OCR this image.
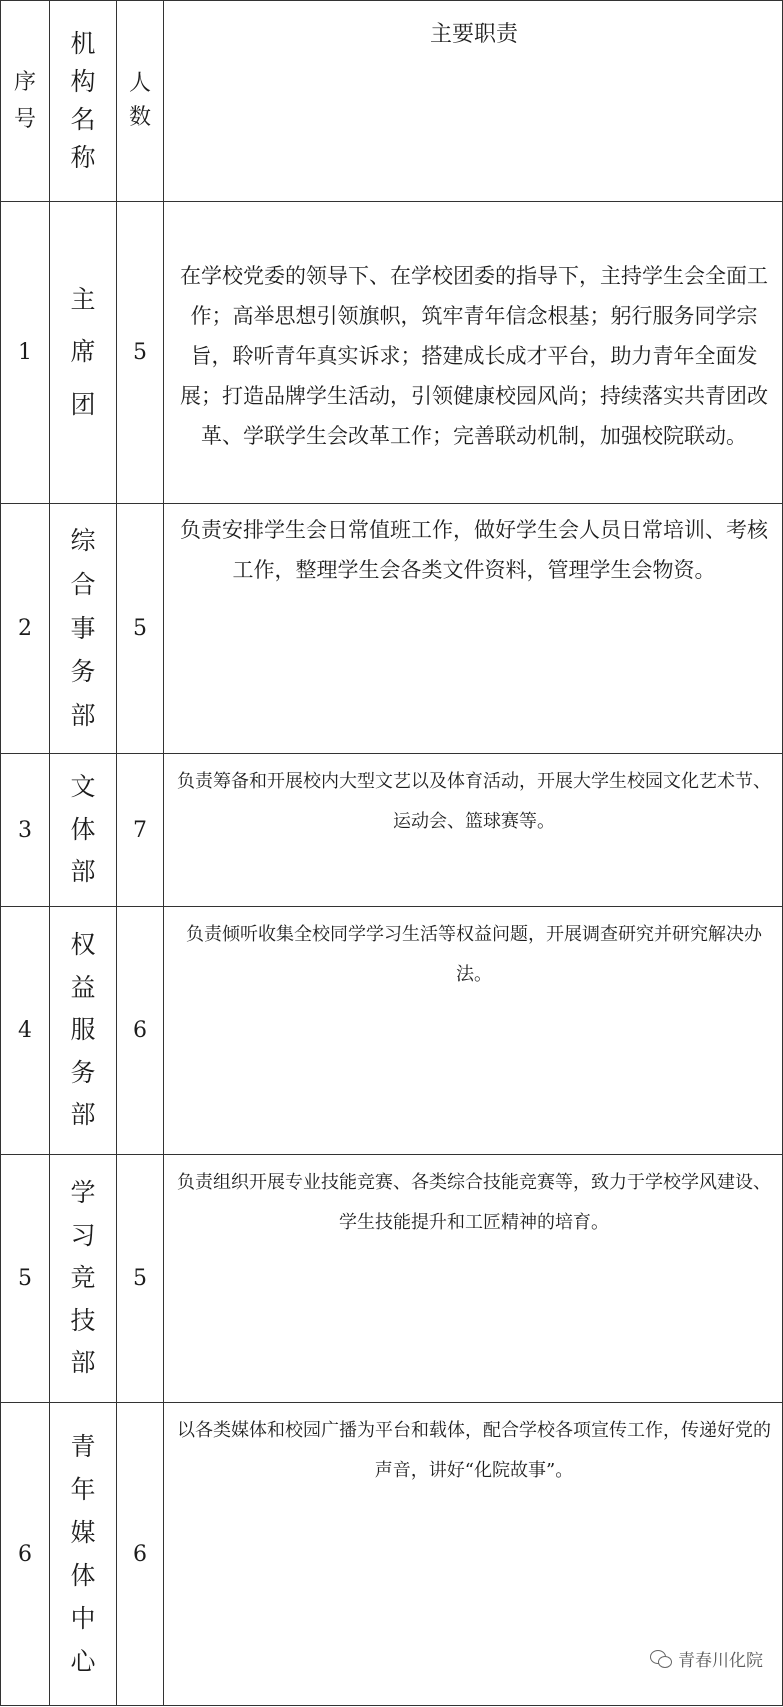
序号	机构名称	人数	主要职责
1	主席团	5	在学校党委的领导下、在学校团委的指导下，主持学生会全面工作；高举思想引领旗帜，筑牢青年信念根基；躬行服务同学宗旨，聆听青年真实诉求；搭建成长成才平台，助力青年全面发展；打造品牌学生活动，引领健康校园风尚；持续落实共青团改革、学联学生会改革工作；完善联动机制，加强校院联动。
2	综合事务部	5	负责安排学生会日常值班工作，做好学生会人员日常培训、考核工作，整理学生会各类文件资料，管理学生会物资。
3	文体部	7	负责筹备和开展校内大型文艺以及体育活动，开展大学生校园文化艺术节、运动会、篮球赛等。
4	权益服务部	6	负责倾听收集全校同学学习生活等权益问题，开展调查研究并研究解决办法。
5	学习竞技部	5	负责组织开展专业技能竞赛、各类综合技能竞赛等，致力于学校学风建设、学生技能提升和工匠精神的培育。
6	青年媒体中心	6	以各类媒体和校园广播为平台和载体，配合学校各项宣传工作，传递好党的声音，讲好“化院故事”。
青春川化院
